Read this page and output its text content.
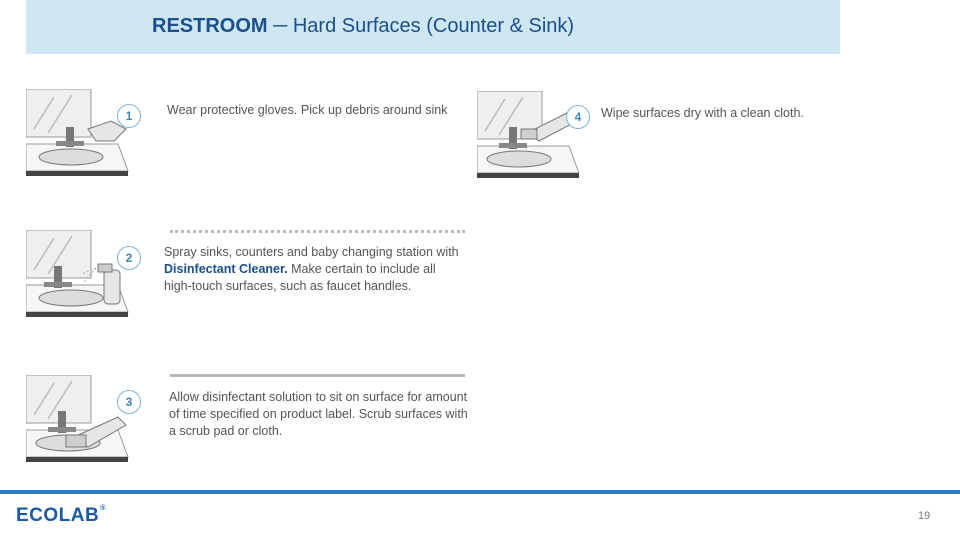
RESTROOM ─ Hard Surfaces (Counter & Sink)
1	Wear protective gloves. Pick up debris around sink
2	Spray sinks, counters and baby changing station with Disinfectant Cleaner. Make certain to include all high-touch surfaces, such as faucet handles.
3	Allow disinfectant solution to sit on surface for amount of time specified on product label. Scrub surfaces with a scrub pad or cloth.
4	Wipe surfaces dry with a clean cloth.
ECOLAB®
19
